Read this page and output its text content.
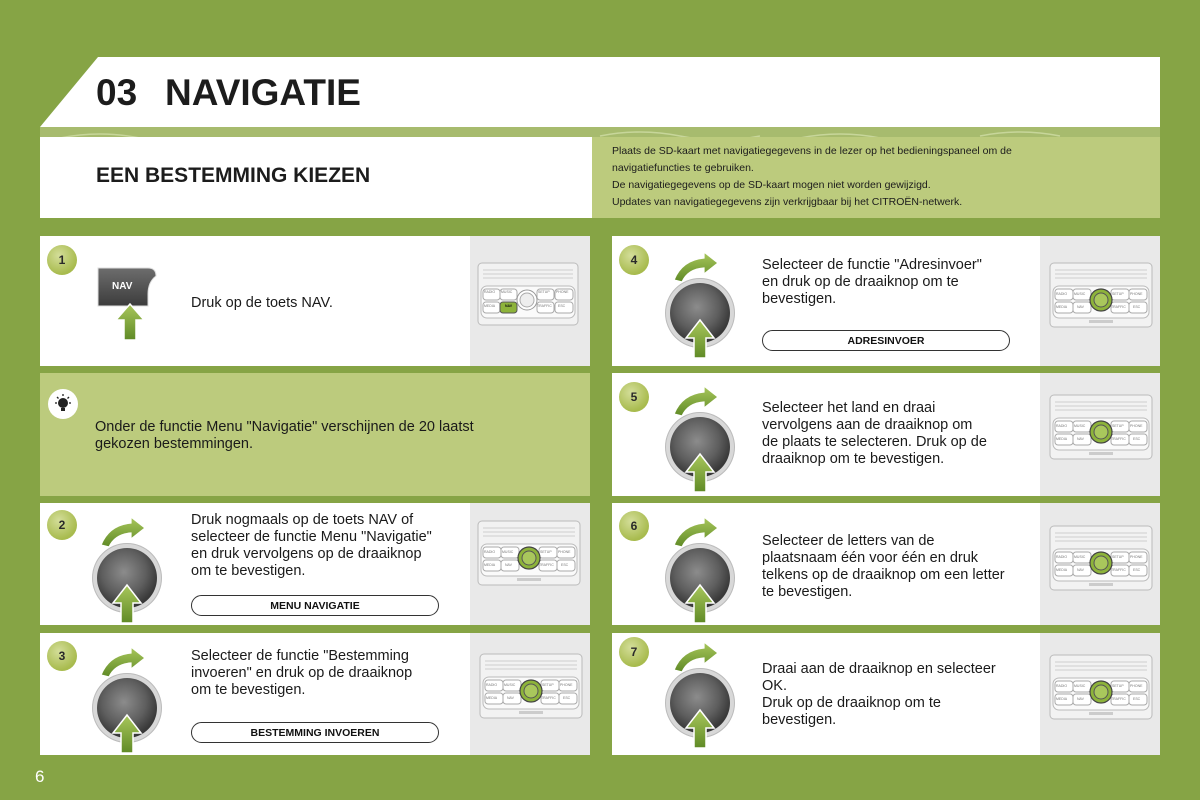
03 NAVIGATIE
EEN BESTEMMING KIEZEN
Plaats de SD-kaart met navigatiegegevens in de lezer op het bedieningspaneel om de
navigatiefuncties te gebruiken.
De navigatiegegevens op de SD-kaart mogen niet worden gewijzigd.
Updates van navigatiegegevens zijn verkrijgbaar bij het CITROËN-netwerk.
1
NAV
Druk op de toets NAV.
RADIO MUSIC	SETUP PHONE
MEDIA	NAV	TRAFFIC ESC
Onder de functie Menu "Navigatie" verschijnen de 20 laatst
gekozen bestemmingen.
2	Druk nogmaals op de toets NAV of
selecteer de functie Menu "Navigatie"
en druk vervolgens op de draaiknop
om te bevestigen.
MENU NAVIGATIE
3	Selecteer de functie "Bestemming
invoeren" en druk op de draaiknop
om te bevestigen.
BESTEMMING INVOEREN
4	Selecteer de functie "Adresinvoer"
en druk op de draaiknop om te
bevestigen.
ADRESINVOER
5
Selecteer het land en draai
vervolgens aan de draaiknop om
de plaats te selecteren. Druk op de
draaiknop om te bevestigen.
6
Selecteer de letters van de
plaatsnaam één voor één en druk
telkens op de draaiknop om een letter
te bevestigen.
7
Draai aan de draaiknop en selecteer
OK.
Druk op de draaiknop om te
bevestigen.
6
RADIO MUSIC	SETUP PHONE
MEDIA	NAV	TRAFFIC ESC
RADIO MUSIC	SETUP PHONE
MEDIA	NAV	TRAFFIC ESC
RADIO MUSIC	SETUP PHONE
MEDIA	NAV	TRAFFIC ESC
RADIO MUSIC	SETUP PHONE
MEDIA	NAV	TRAFFIC ESC
RADIO MUSIC	SETUP PHONE
MEDIA	NAV	TRAFFIC ESC
RADIO MUSIC	SETUP PHONE
MEDIA	NAV	TRAFFIC ESC
